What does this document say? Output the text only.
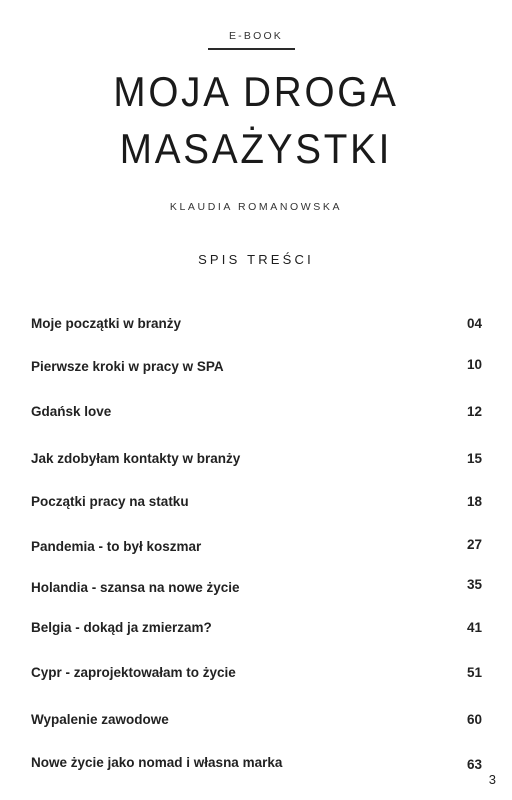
E-BOOK
MOJA DROGA
MASAŻYSTKI
KLAUDIA ROMANOWSKA
SPIS TREŚCI
Moje początki w branży	04
Pierwsze kroki w pracy w SPA	10
Gdańsk love	12
Jak zdobyłam kontakty w branży	15
Początki pracy na statku	18
Pandemia - to był koszmar	27
Holandia - szansa na nowe życie	35
Belgia - dokąd ja zmierzam?	41
Cypr - zaprojektowałam to życie	51
Wypalenie zawodowe	60
Nowe życie jako nomad i własna marka	63
3
